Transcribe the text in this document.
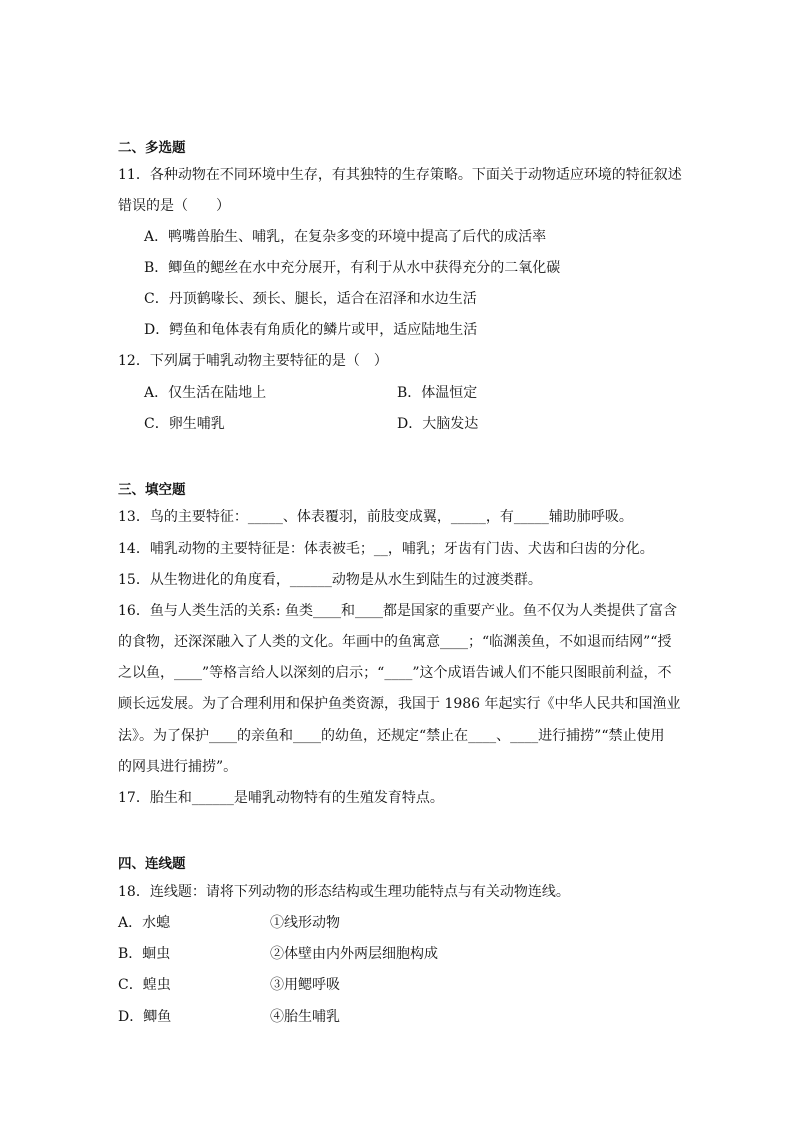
二、多选题
11．各种动物在不同环境中生存，有其独特的生存策略。下面关于动物适应环境的特征叙述
错误的是（　　）
A．鸭嘴兽胎生、哺乳，在复杂多变的环境中提高了后代的成活率
B．鲫鱼的鳃丝在水中充分展开，有利于从水中获得充分的二氧化碳
C．丹顶鹤喙长、颈长、腿长，适合在沼泽和水边生活
D．鳄鱼和龟体表有角质化的鳞片或甲，适应陆地生活
12．下列属于哺乳动物主要特征的是（　）
A．仅生活在陆地上	B．体温恒定
C．卵生哺乳	D．大脑发达
三、填空题
13．鸟的主要特征：_____、体表覆羽，前肢变成翼，_____，有_____辅助肺呼吸。
14．哺乳动物的主要特征是：体表被毛；__，哺乳；牙齿有门齿、犬齿和臼齿的分化。
15．从生物进化的角度看，______动物是从水生到陆生的过渡类群。
16．鱼与人类生活的关系: 鱼类____和____都是国家的重要产业。鱼不仅为人类提供了富含
的食物，还深深融入了人类的文化。年画中的鱼寓意____；“临渊羡鱼，不如退而结网”“授
之以鱼，____”等格言给人以深刻的启示；“____”这个成语告诫人们不能只图眼前利益，不
顾长远发展。为了合理利用和保护鱼类资源，我国于 1986 年起实行《中华人民共和国渔业
法》。为了保护____的亲鱼和____的幼鱼，还规定“禁止在____、____进行捕捞”“禁止使用
的网具进行捕捞”。
17．胎生和______是哺乳动物特有的生殖发育特点。
四、连线题
18．连线题：请将下列动物的形态结构或生理功能特点与有关动物连线。
A．水螅	①线形动物
B．蛔虫	②体壁由内外两层细胞构成
C．蝗虫	③用鳃呼吸
D．鲫鱼	④胎生哺乳
